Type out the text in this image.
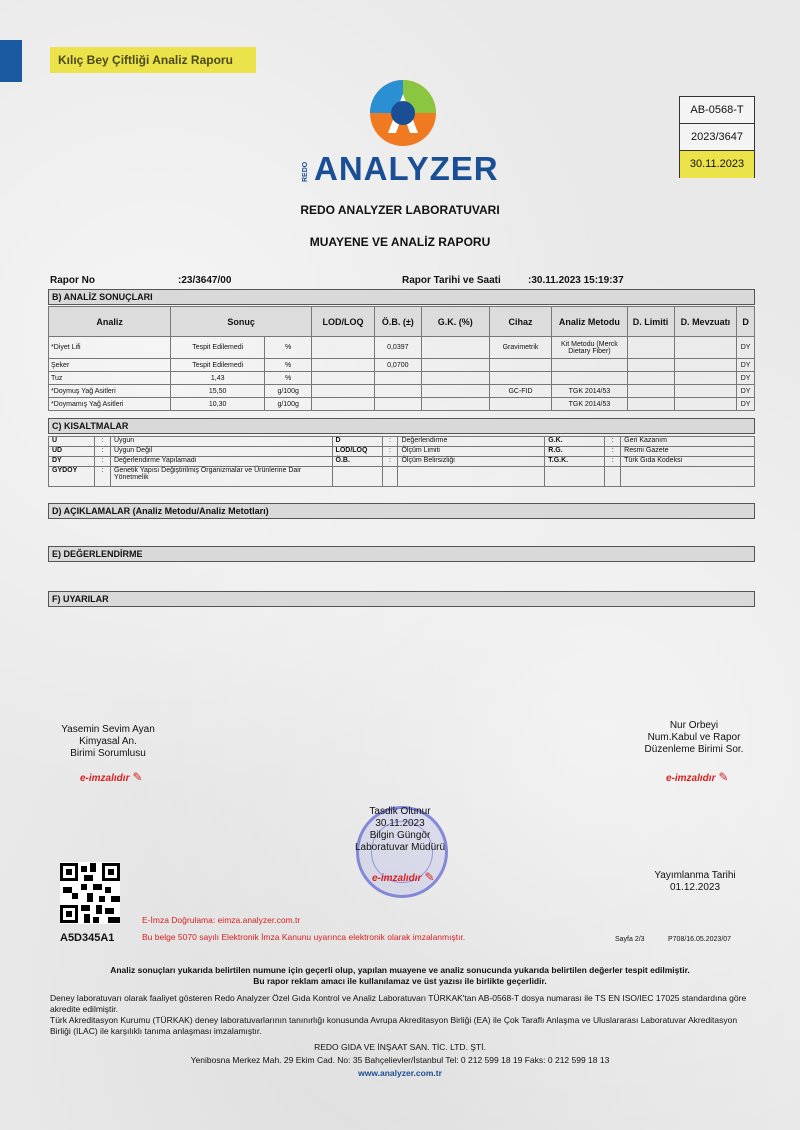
Kılıç Bey Çiftliği Analiz Raporu
ANALYZER
REDO
AB-0568-T
2023/3647
30.11.2023
REDO ANALYZER LABORATUVARI
MUAYENE VE ANALİZ RAPORU
Rapor No	:23/3647/00	Rapor Tarihi ve Saati	:30.11.2023 15:19:37
B) ANALİZ SONUÇLARI
Analiz	Sonuç		LOD/LOQ	Ö.B. (±)	G.K. (%)	Cihaz	Analiz Metodu	D. Limiti	D. Mevzuatı	D
*Diyet Lifi	Tespit Edilemedi	%		0,0397		Gravimetrik	Kit Metodu (Merck Dietary Fiber)			DY
Şeker	Tespit Edilemedi	%		0,0700						DY
Tuz	1,43	%								DY
*Doymuş Yağ Asitleri	15,50	g/100g				GC-FID	TGK 2014/53			DY
*Doymamış Yağ Asitleri	10,30	g/100g					TGK 2014/53			DY
C) KISALTMALAR
U	:	Uygun	D	:	Değerlendirme	G.K.	:	Geri Kazanım
UD	:	Uygun Değil	LOD/LOQ	:	Ölçüm Limiti	R.G.	:	Resmi Gazete
DY	:	Değerlendirme Yapılamadı	Ö.B.	:	Ölçüm Belirsizliği	T.G.K.	:	Türk Gıda Kodeksi
GYDOY	:	Genetik Yapısı Değiştirilmiş Organizmalar ve Ürünlerine Dair Yönetmelik						
D) AÇIKLAMALAR (Analiz Metodu/Analiz Metotları)
E) DEĞERLENDİRME
F) UYARILAR
Yasemin Sevim Ayan
Kimyasal An.
Birimi Sorumlusu
e-imzalıdır ✎
Nur Orbeyi
Num.Kabul ve Rapor
Düzenleme Birimi Sor.
e-imzalıdır ✎
Tasdik Olunur
30.11.2023
Bilgin Güngör
Laboratuvar Müdürü
e-imzalıdır ✎	Yayımlanma Tarihi
01.12.2023
A5D345A1
E-İmza Doğrulama: eimza.analyzer.com.tr
Bu belge 5070 sayılı Elektronik İmza Kanunu uyarınca elektronik olarak imzalanmıştır.	Sayfa 2/3	P708/16.05.2023/07
Analiz sonuçları yukarıda belirtilen numune için geçerli olup, yapılan muayene ve analiz sonucunda yukarıda belirtilen değerler tespit edilmiştir.
Bu rapor reklam amacı ile kullanılamaz ve üst yazısı ile birlikte geçerlidir.
Deney laboratuvarı olarak faaliyet gösteren Redo Analyzer Özel Gıda Kontrol ve Analiz Laboratuvarı TÜRKAK'tan AB-0568-T dosya numarası ile TS EN ISO/IEC 17025 standardına göre akredite edilmiştir.
Türk Akreditasyon Kurumu (TÜRKAK) deney laboratuvarlarının tanınırlığı konusunda Avrupa Akreditasyon Birliği (EA) ile Çok Taraflı Anlaşma ve Uluslararası Laboratuvar Akreditasyon Birliği (ILAC) ile karşılıklı tanıma anlaşması imzalamıştır.
REDO GIDA VE İNŞAAT SAN. TİC. LTD. ŞTİ.
Yenibosna Merkez Mah. 29 Ekim Cad. No: 35 Bahçelievler/İstanbul Tel: 0 212 599 18 19 Faks: 0 212 599 18 13
www.analyzer.com.tr
